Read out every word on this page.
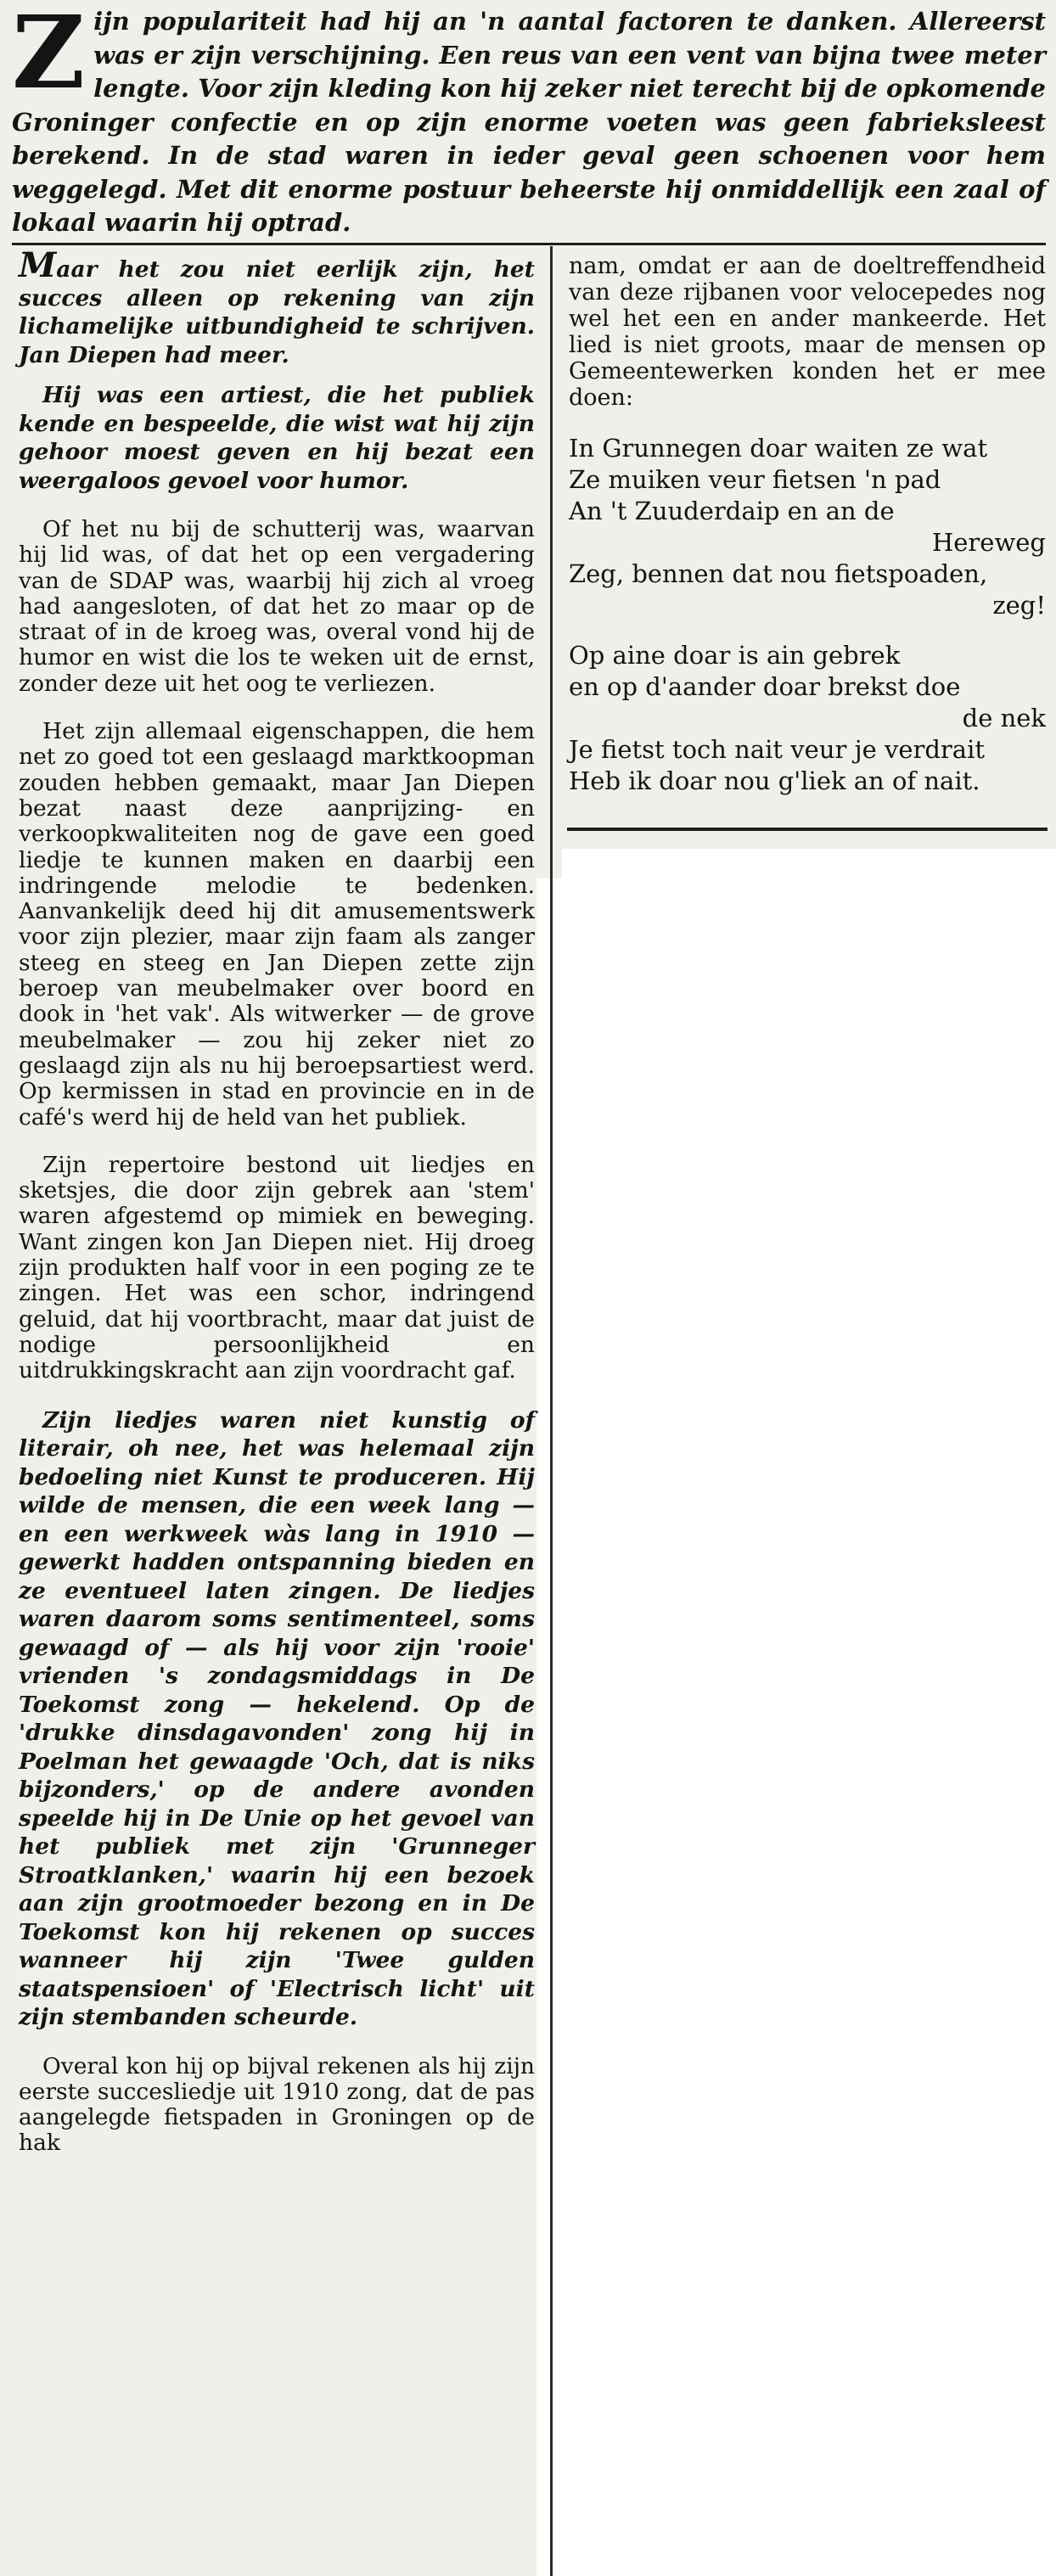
Zijn populariteit had hij an 'n aantal factoren te danken. Allereerst was er zijn verschijning. Een reus van een vent van bijna twee meter lengte. Voor zijn kleding kon hij zeker niet terecht bij de opkomende Groninger confectie en op zijn enorme voeten was geen fabrieksleest berekend. In de stad waren in ieder geval geen schoenen voor hem weggelegd. Met dit enorme postuur beheerste hij onmiddellijk een zaal of lokaal waarin hij optrad.

Maar het zou niet eerlijk zijn, het succes alleen op rekening van zijn lichamelijke uitbundigheid te schrijven. Jan Diepen had meer.

Hij was een artiest, die het publiek kende en bespeelde, die wist wat hij zijn gehoor moest geven en hij bezat een weergaloos gevoel voor humor.

Of het nu bij de schutterij was, waarvan hij lid was, of dat het op een vergadering van de SDAP was, waarbij hij zich al vroeg had aangesloten, of dat het zo maar op de straat of in de kroeg was, overal vond hij de humor en wist die los te weken uit de ernst, zonder deze uit het oog te verliezen.

Het zijn allemaal eigenschappen, die hem net zo goed tot een geslaagd marktkoopman zouden hebben gemaakt, maar Jan Diepen bezat naast deze aanprijzing- en verkoopkwaliteiten nog de gave een goed liedje te kunnen maken en daarbij een indringende melodie te bedenken. Aanvankelijk deed hij dit amusementswerk voor zijn plezier, maar zijn faam als zanger steeg en steeg en Jan Diepen zette zijn beroep van meubelmaker over boord en dook in 'het vak'. Als witwerker — de grove meubelmaker — zou hij zeker niet zo geslaagd zijn als nu hij beroepsartiest werd. Op kermissen in stad en provincie en in de café's werd hij de held van het publiek.

Zijn repertoire bestond uit liedjes en sketsjes, die door zijn gebrek aan 'stem' waren afgestemd op mimiek en beweging. Want zingen kon Jan Diepen niet. Hij droeg zijn produkten half voor in een poging ze te zingen. Het was een schor, indringend geluid, dat hij voortbracht, maar dat juist de nodige persoonlijkheid en uitdrukkingskracht aan zijn voordracht gaf.

Zijn liedjes waren niet kunstig of literair, oh nee, het was helemaal zijn bedoeling niet Kunst te produceren. Hij wilde de mensen, die een week lang — en een werkweek wàs lang in 1910 — gewerkt hadden ontspanning bieden en ze eventueel laten zingen. De liedjes waren daarom soms sentimenteel, soms gewaagd of — als hij voor zijn 'rooie' vrienden 's zondagsmiddags in De Toekomst zong — hekelend. Op de 'drukke dinsdagavonden' zong hij in Poelman het gewaagde 'Och, dat is niks bijzonders,' op de andere avonden speelde hij in De Unie op het gevoel van het publiek met zijn 'Grunneger Stroatklanken,' waarin hij een bezoek aan zijn grootmoeder bezong en in De Toekomst kon hij rekenen op succes wanneer hij zijn 'Twee gulden staatspensioen' of 'Electrisch licht' uit zijn stembanden scheurde.

Overal kon hij op bijval rekenen als hij zijn eerste succesliedje uit 1910 zong, dat de pas aangelegde fietspaden in Groningen op de hak

nam, omdat er aan de doeltreffendheid van deze rijbanen voor velocepedes nog wel het een en ander mankeerde. Het lied is niet groots, maar de mensen op Gemeentewerken konden het er mee doen:

In Grunnegen doar waiten ze wat
Ze muiken veur fietsen 'n pad
An 't Zuuderdaip en an de
Hereweg
Zeg, bennen dat nou fietspoaden,
zeg!
Op aine doar is ain gebrek
en op d'aander doar brekst doe
de nek
Je fietst toch nait veur je verdrait
Heb ik doar nou g'liek an of nait.
